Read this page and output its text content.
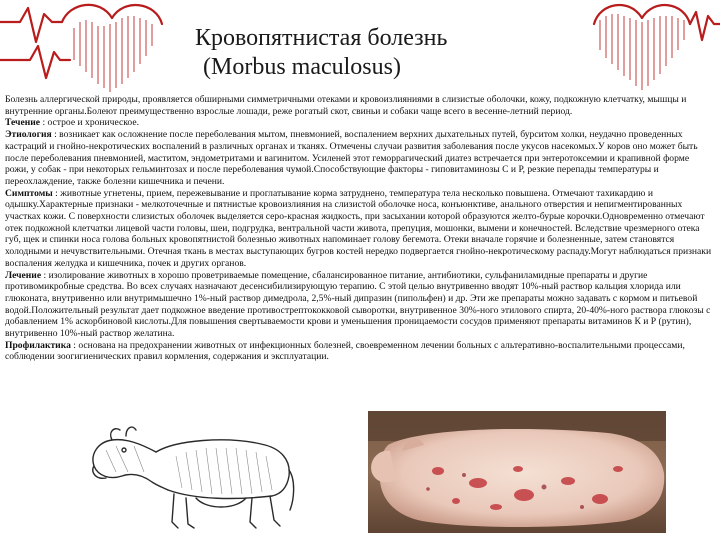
Кровопятнистая болезнь
(Morbus maculosus)

Болезнь аллергической природы, проявляется обширными симметричными отеками и кровоизлияниями в слизистые оболочки, кожу, подкожную клетчатку, мышцы и внутренние органы.Болеют преимущественно взрослые лошади, реже рогатый скот, свиньи и собаки чаще всего в весенне-летний период.

Течение : острое и хроническое.

Этиология : возникает как осложнение после переболевания мытом, пневмонией, воспалением верхних дыхательных путей, бурситом холки, неудачно проведенных кастраций и гнойно-некротических воспалений в различных органах и тканях. Отмечены случаи развития заболевания после укусов насекомых.У коров оно может быть после переболевания пневмонией, маститом, эндометритами и вагинитом. Усиленей этот геморрагический диатез встречается при энтеротоксемии и крапивной форме рожи, у собак - при некоторых гельминтозах и после переболевания чумой.Способствующие факторы - гиповитаминозы С и Р, резкие перепады температуры и переохлаждение, также болезни кишечника и печени.

Симптомы : животные угнетены, прием, пережевывание и проглатывание корма затруднено, температура тела несколько повышена. Отмечают тахикардию и одышку.Характерные признаки - мелкоточечные и пятнистые кровоизлияния на слизистой оболочке носа, конъюнктиве, анального отверстия и непигментированных участках кожи. С поверхности слизистых оболочек выделяется серо-красная жидкость, при засыхании которой образуются желто-бурые корочки.Одновременно отмечают отек подкожной клетчатки лицевой части головы, шеи, подгрудка, вентральной части живота, препуция, мошонки, вымени и конечностей. Вследствие чрезмерного отека губ, щек и спинки носа голова больных кровопятнистой болезнью животных напоминает голову бегемота. Отеки вначале горячие и болезненные, затем становятся холодными и нечувствительными. Отечная ткань в местах выступающих бугров костей нередко подвергается гнойно-некротическому распаду.Могут наблюдаться признаки воспаления желудка и кишечника, почек и других органов.

Лечение : изолирование животных в хорошо проветриваемые помещение, сбалансированное питание, антибиотики, сульфаниламидные препараты и другие противомикробные средства. Во всех случаях назначают десенсибилизирующую терапию. С этой целью внутривенно вводят 10%-ный раствор кальция хлорида или глюконата, внутривенно или внутримышечно 1%-ный раствор димедрола, 2,5%-ный дипразин (пипольфен) и др. Эти же препараты можно задавать с кормом и питьевой водой.Положительный результат дает подкожное введение противострептококковой сыворотки, внутривенное 30%-ного этилового спирта, 20-40%-ного раствора глюкозы с добавлением 1% аскорбиновой кислоты.Для повышения свертываемости крови и уменьшения проницаемости сосудов применяют препараты витаминов К и Р (рутин), внутривенно 10%-ный раствор желатина.

Профилактика : основана на предохранении животных от инфекционных болезней, своевременном лечении больных с альтеративно-воспалительными процессами, соблюдении зоогигиенических правил кормления, содержания и эксплуатации.
